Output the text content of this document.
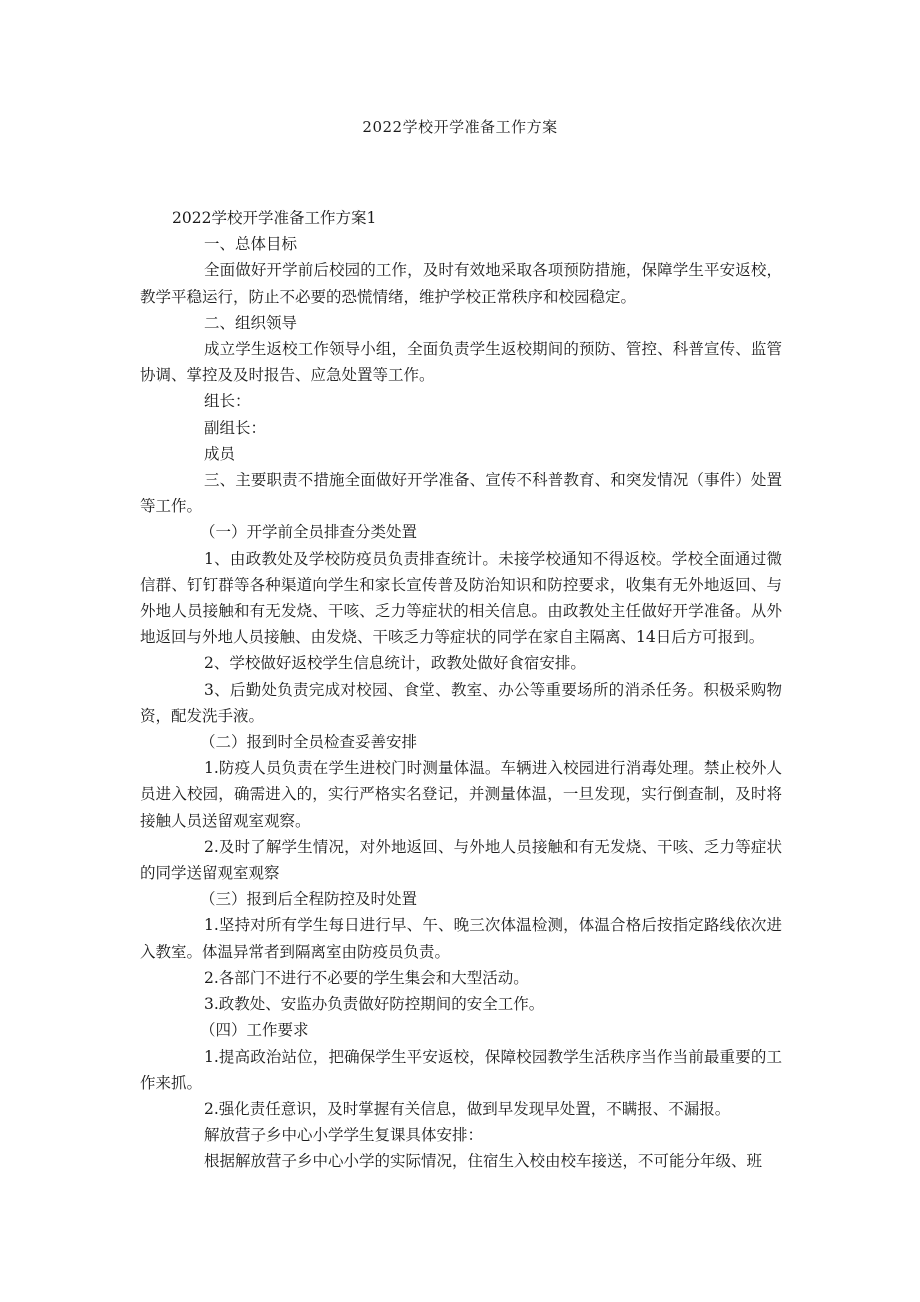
2022学校开学准备工作方案

2022学校开学准备工作方案1

一、总体目标

全面做好开学前后校园的工作，及时有效地采取各项预防措施，保障学生平安返校，教学平稳运行，防止不必要的恐慌情绪，维护学校正常秩序和校园稳定。

二、组织领导

成立学生返校工作领导小组，全面负责学生返校期间的预防、管控、科普宣传、监管协调、掌控及及时报告、应急处置等工作。

组长：

副组长：

成员

三、主要职责不措施全面做好开学准备、宣传不科普教育、和突发情况（事件）处置等工作。

（一）开学前全员排查分类处置

1、由政教处及学校防疫员负责排查统计。未接学校通知不得返校。学校全面通过微信群、钉钉群等各种渠道向学生和家长宣传普及防治知识和防控要求，收集有无外地返回、与外地人员接触和有无发烧、干咳、乏力等症状的相关信息。由政教处主任做好开学准备。从外地返回与外地人员接触、由发烧、干咳乏力等症状的同学在家自主隔离、14日后方可报到。

2、学校做好返校学生信息统计，政教处做好食宿安排。

3、后勤处负责完成对校园、食堂、教室、办公等重要场所的消杀任务。积极采购物资，配发洗手液。

（二）报到时全员检查妥善安排

1.防疫人员负责在学生进校门时测量体温。车辆进入校园进行消毒处理。禁止校外人员进入校园，确需进入的，实行严格实名登记，并测量体温，一旦发现，实行倒查制，及时将接触人员送留观室观察。

2.及时了解学生情况，对外地返回、与外地人员接触和有无发烧、干咳、乏力等症状的同学送留观室观察

（三）报到后全程防控及时处置

1.坚持对所有学生每日进行早、午、晚三次体温检测，体温合格后按指定路线依次进入教室。体温异常者到隔离室由防疫员负责。

2.各部门不进行不必要的学生集会和大型活动。

3.政教处、安监办负责做好防控期间的安全工作。

（四）工作要求

1.提高政治站位，把确保学生平安返校，保障校园教学生活秩序当作当前最重要的工作来抓。

2.强化责任意识，及时掌握有关信息，做到早发现早处置，不瞒报、不漏报。

解放营子乡中心小学学生复课具体安排：

根据解放营子乡中心小学的实际情况，住宿生入校由校车接送，不可能分年级、班
